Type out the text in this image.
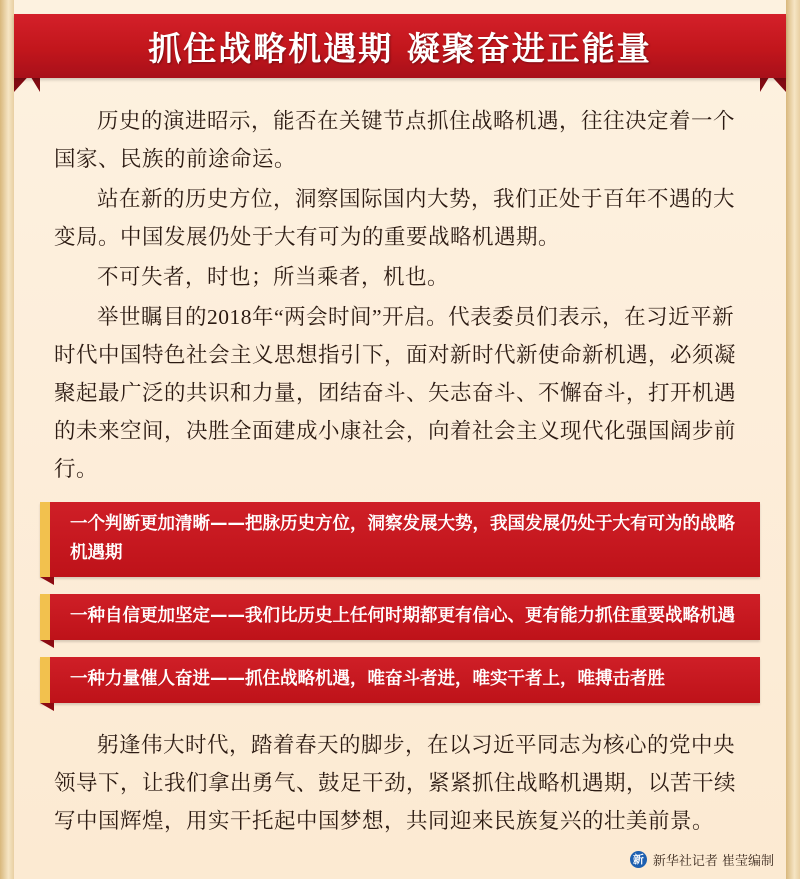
抓住战略机遇期 凝聚奋进正能量

历史的演进昭示，能否在关键节点抓住战略机遇，往往决定着一个国家、民族的前途命运。

站在新的历史方位，洞察国际国内大势，我们正处于百年不遇的大变局。中国发展仍处于大有可为的重要战略机遇期。

不可失者，时也；所当乘者，机也。

举世瞩目的2018年“两会时间”开启。代表委员们表示，在习近平新时代中国特色社会主义思想指引下，面对新时代新使命新机遇，必须凝聚起最广泛的共识和力量，团结奋斗、矢志奋斗、不懈奋斗，打开机遇的未来空间，决胜全面建成小康社会，向着社会主义现代化强国阔步前行。

一个判断更加清晰——把脉历史方位，洞察发展大势，我国发展仍处于大有可为的战略机遇期
一种自信更加坚定——我们比历史上任何时期都更有信心、更有能力抓住重要战略机遇
一种力量催人奋进——抓住战略机遇，唯奋斗者进，唯实干者上，唯搏击者胜

躬逢伟大时代，踏着春天的脚步，在以习近平同志为核心的党中央领导下，让我们拿出勇气、鼓足干劲，紧紧抓住战略机遇期，以苦干续写中国辉煌，用实干托起中国梦想，共同迎来民族复兴的壮美前景。

新 新华社记者 崔莹编制
